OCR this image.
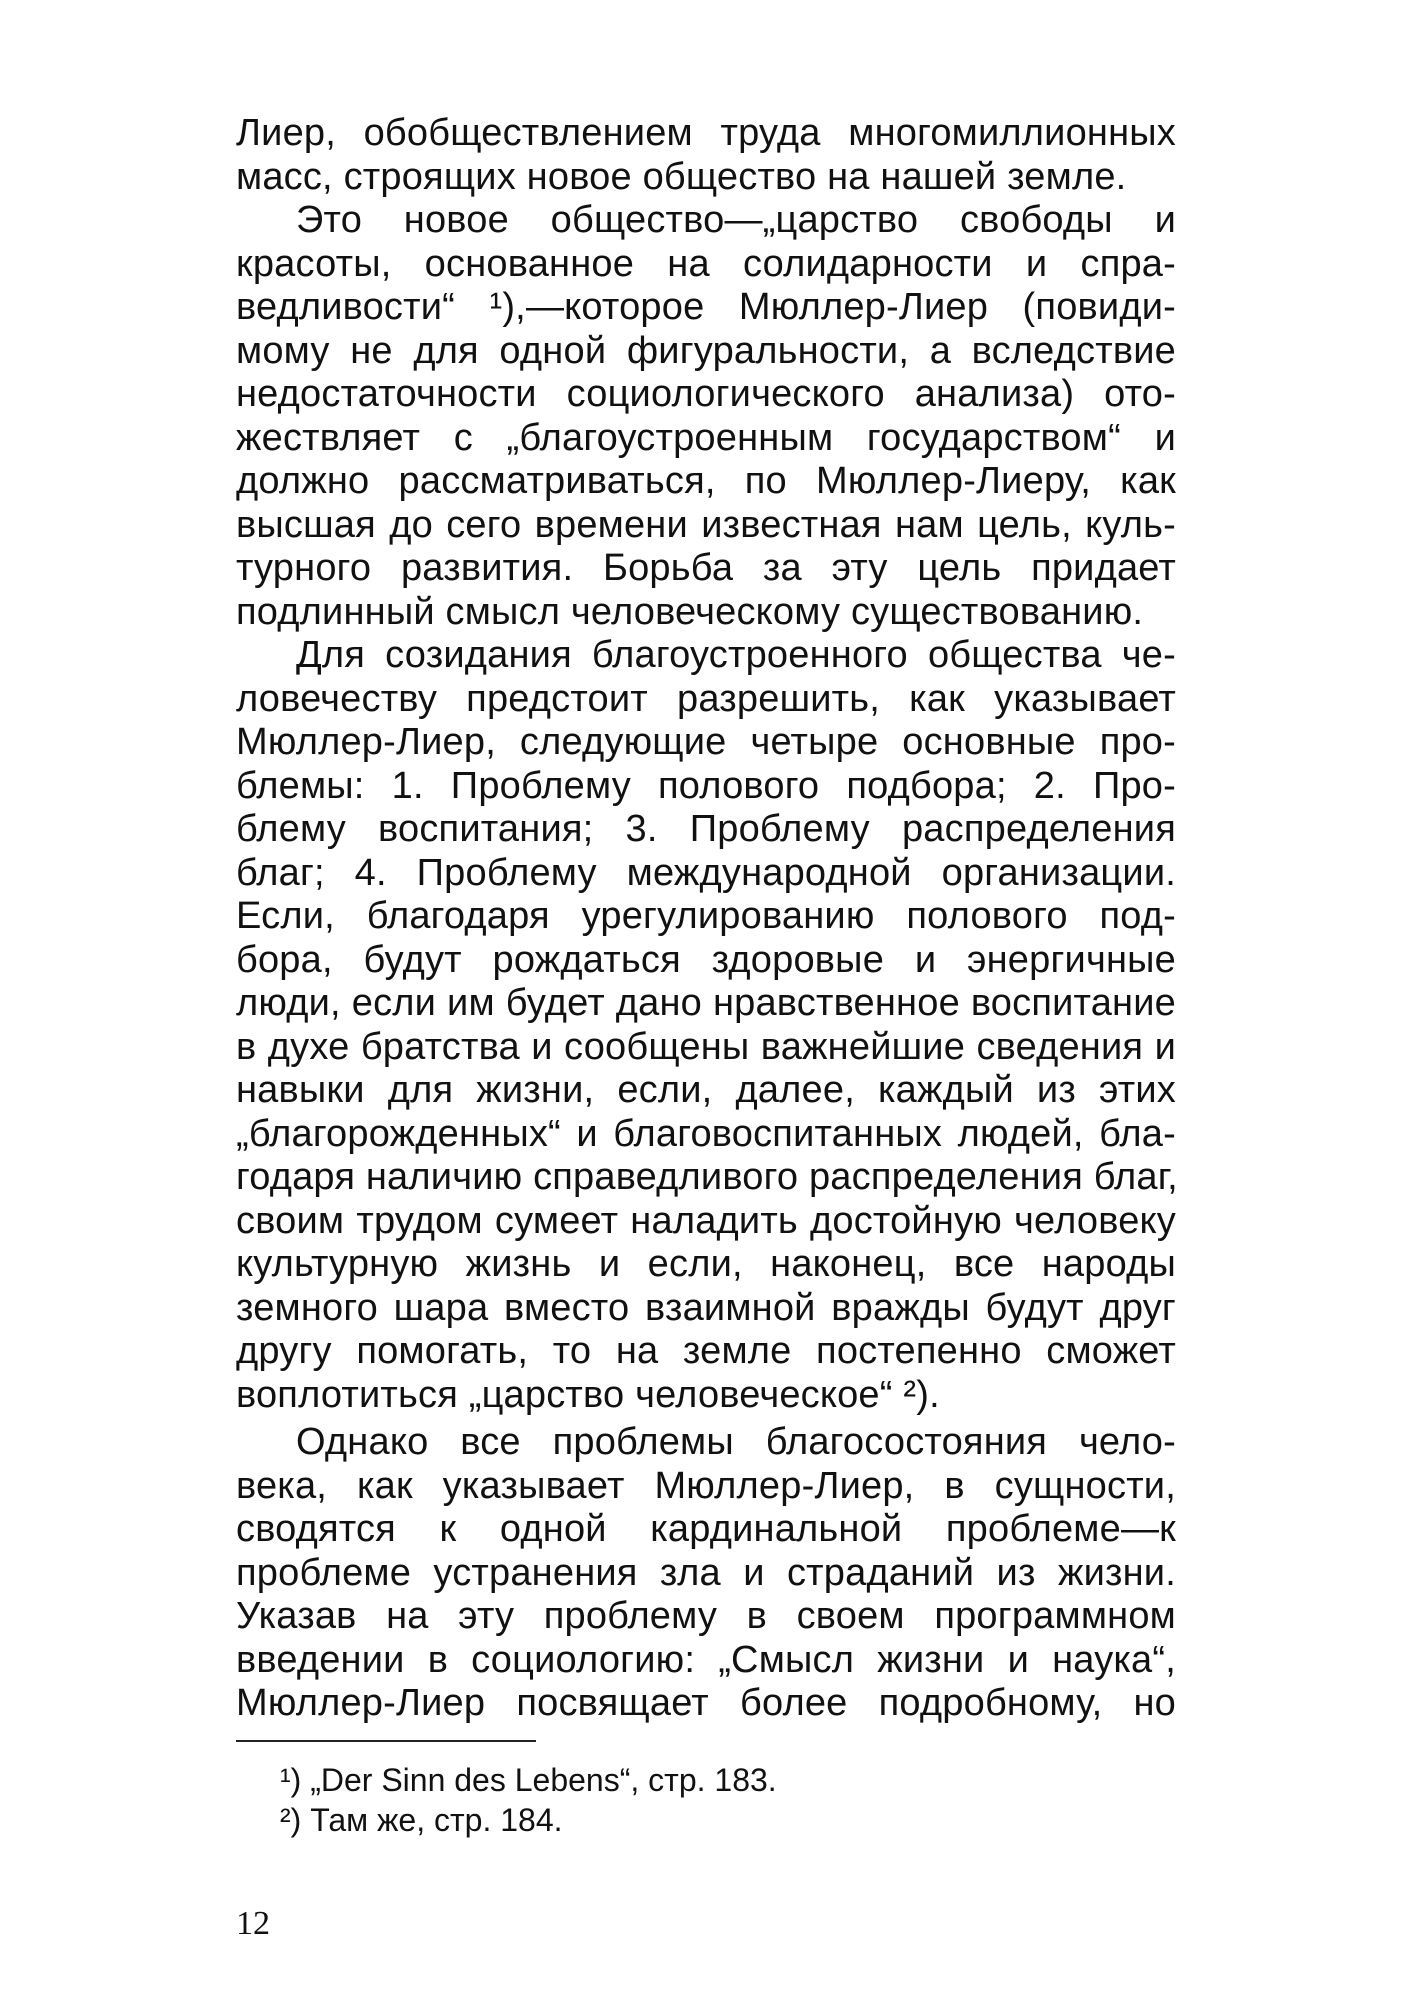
Лиер, обобществлением труда многомиллионных
масс, строящих новое общество на нашей земле.
Это новое общество—„царство свободы и
красоты, основанное на солидарности и спра-
ведливости“ ¹),—которое Мюллер-Лиер (повиди-
мому не для одной фигуральности, а вследствие
недостаточности социологического анализа) ото-
жествляет с „благоустроенным государством“ и
должно рассматриваться, по Мюллер-Лиеру, как
высшая до сего времени известная нам цель, куль-
турного развития. Борьба за эту цель придает
подлинный смысл человеческому существованию.
Для созидания благоустроенного общества че-
ловечеству предстоит разрешить, как указывает
Мюллер-Лиер, следующие четыре основные про-
блемы: 1. Проблему полового подбора; 2. Про-
блему воспитания; 3. Проблему распределения
благ; 4. Проблему международной организации.
Если, благодаря урегулированию полового под-
бора, будут рождаться здоровые и энергичные
люди, если им будет дано нравственное воспитание
в духе братства и сообщены важнейшие сведения и
навыки для жизни, если, далее, каждый из этих
„благорожденных“ и благовоспитанных людей, бла-
годаря наличию справедливого распределения благ,
своим трудом сумеет наладить достойную человеку
культурную жизнь и если, наконец, все народы
земного шара вместо взаимной вражды будут друг
другу помогать, то на земле постепенно сможет
воплотиться „царство человеческое“ ²).
Однако все проблемы благосостояния чело-
века, как указывает Мюллер-Лиер, в сущности,
сводятся к одной кардинальной проблеме—к
проблеме устранения зла и страданий из жизни.
Указав на эту проблему в своем программном
введении в социологию: „Смысл жизни и наука“,
Мюллер-Лиер посвящает более подробному, но
¹) „Der Sinn des Lebens“, стр. 183.
²) Там же, стр. 184.
12
